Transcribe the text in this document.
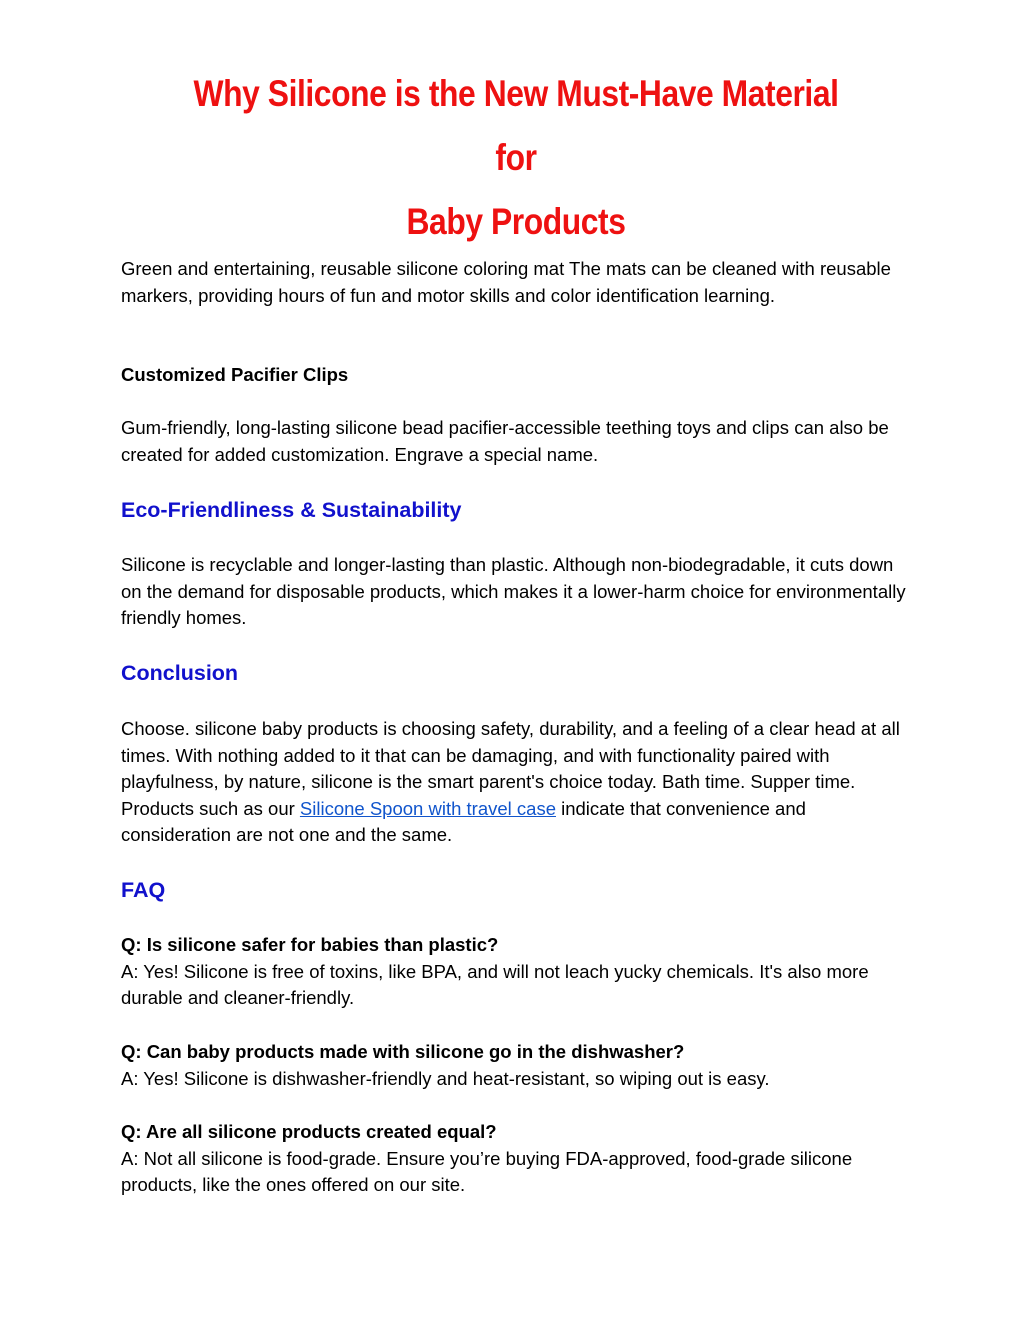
Why Silicone is the New Must-Have Material for
Baby Products

Green and entertaining, reusable silicone coloring mat The mats can be cleaned with reusable markers, providing hours of fun and motor skills and color identification learning.

Customized Pacifier Clips

Gum-friendly, long-lasting silicone bead pacifier-accessible teething toys and clips can also be created for added customization. Engrave a special name.

Eco-Friendliness & Sustainability

Silicone is recyclable and longer-lasting than plastic. Although non-biodegradable, it cuts down on the demand for disposable products, which makes it a lower-harm choice for environmentally friendly homes.

Conclusion

Choose. silicone baby products is choosing safety, durability, and a feeling of a clear head at all times. With nothing added to it that can be damaging, and with functionality paired with playfulness, by nature, silicone is the smart parent's choice today. Bath time. Supper time. Products such as our Silicone Spoon with travel case indicate that convenience and consideration are not one and the same.

FAQ
Q: Is silicone safer for babies than plastic?
A: Yes! Silicone is free of toxins, like BPA, and will not leach yucky chemicals. It's also more durable and cleaner-friendly.
Q: Can baby products made with silicone go in the dishwasher?
A: Yes! Silicone is dishwasher-friendly and heat-resistant, so wiping out is easy.
Q: Are all silicone products created equal?
A: Not all silicone is food-grade. Ensure you’re buying FDA-approved, food-grade silicone products, like the ones offered on our site.
